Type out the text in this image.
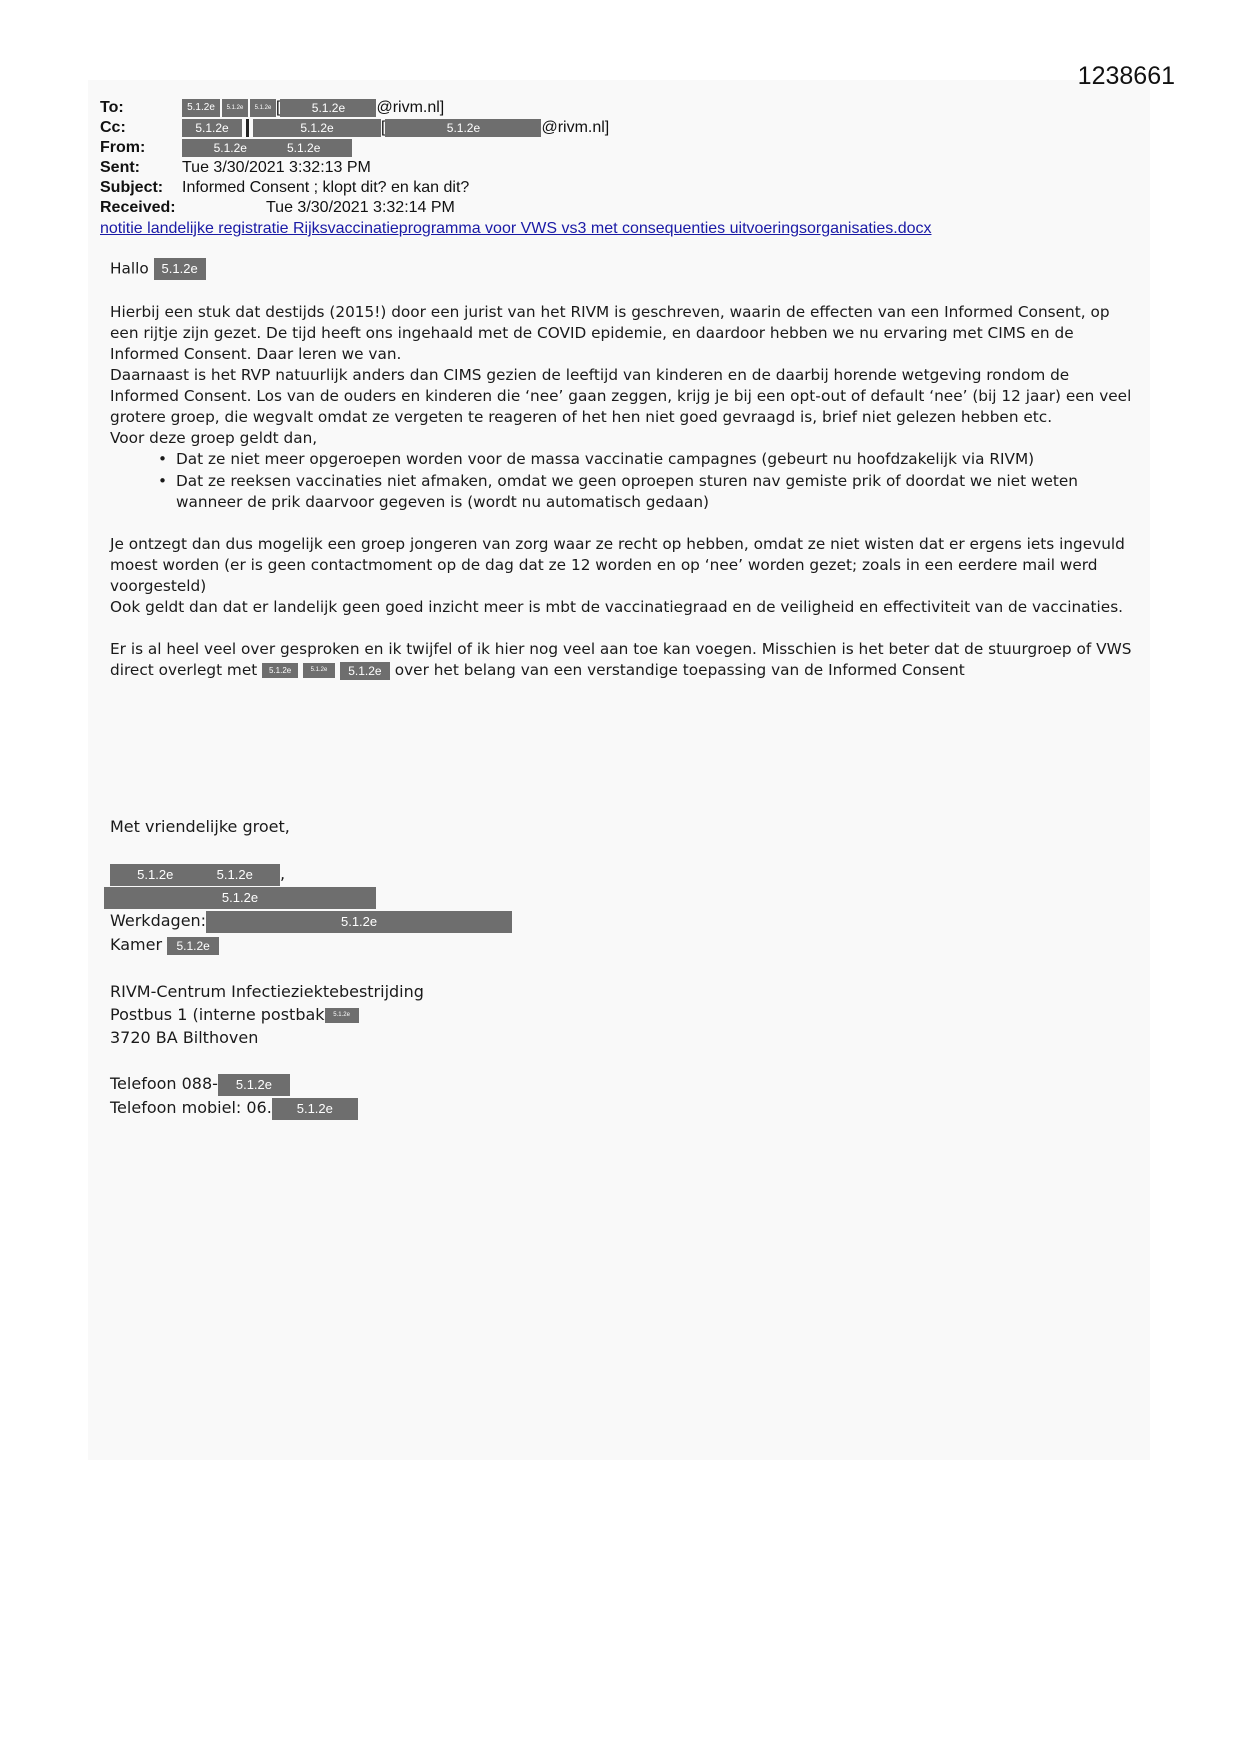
1238661
To:	5.1.2e 5.1.2e 5.1.2e [	5.1.2e @rivm.nl]
Cc:	5.1.2e	5.1.2e	[	5.1.2e	@rivm.nl]
From:	5.1.2e	5.1.2e
Sent:	Tue 3/30/2021 3:32:13 PM
Subject: Informed Consent ; klopt dit? en kan dit?
Received:	Tue 3/30/2021 3:32:14 PM
notitie landelijke registratie Rijksvaccinatieprogramma voor VWS vs3 met consequenties uitvoeringsorganisaties.docx

Hallo 5.1.2e

Hierbij een stuk dat destijds (2015!) door een jurist van het RIVM is geschreven, waarin de effecten van een Informed Consent, op een rijtje zijn gezet. De tijd heeft ons ingehaald met de COVID epidemie, en daardoor hebben we nu ervaring met CIMS en de Informed Consent. Daar leren we van.

Daarnaast is het RVP natuurlijk anders dan CIMS gezien de leeftijd van kinderen en de daarbij horende wetgeving rondom de Informed Consent. Los van de ouders en kinderen die ‘nee’ gaan zeggen, krijg je bij een opt-out of default ‘nee’ (bij 12 jaar) een veel grotere groep, die wegvalt omdat ze vergeten te reageren of het hen niet goed gevraagd is, brief niet gelezen hebben etc.

Voor deze groep geldt dan,

• Dat ze niet meer opgeroepen worden voor de massa vaccinatie campagnes (gebeurt nu hoofdzakelijk via RIVM)
• Dat ze reeksen vaccinaties niet afmaken, omdat we geen oproepen sturen nav gemiste prik of doordat we niet weten wanneer de prik daarvoor gegeven is (wordt nu automatisch gedaan)

Je ontzegt dan dus mogelijk een groep jongeren van zorg waar ze recht op hebben, omdat ze niet wisten dat er ergens iets ingevuld moest worden (er is geen contactmoment op de dag dat ze 12 worden en op ‘nee’ worden gezet; zoals in een eerdere mail werd voorgesteld)

Ook geldt dan dat er landelijk geen goed inzicht meer is mbt de vaccinatiegraad en de veiligheid en effectiviteit van de vaccinaties.

Er is al heel veel over gesproken en ik twijfel of ik hier nog veel aan toe kan voegen. Misschien is het beter dat de stuurgroep of VWS direct overlegt met 5.1.2e	5.1.2e 5.1.2e over het belang van een verstandige toepassing van de Informed Consent

Met vriendelijke groet,
5.1.2e	5.1.2e ,
5.1.2e
Werkdagen:	5.1.2e
Kamer 5.1.2e
RIVM-Centrum Infectieziektebestrijding
Postbus 1 (interne postbak 5.1.2e
3720 BA Bilthoven
Telefoon 088- 5.1.2e
Telefoon mobiel: 06. 5.1.2e
